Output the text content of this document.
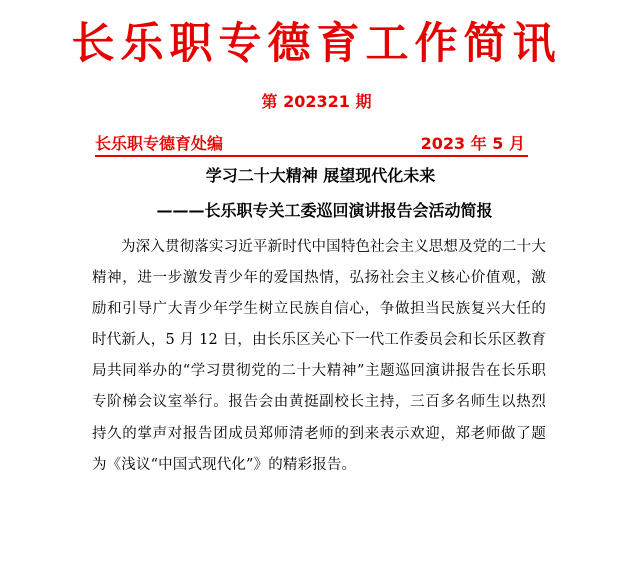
长乐职专德育工作简讯
第 202321 期
长乐职专德育处编	2023 年 5 月
学习二十大精神 展望现代化未来
———长乐职专关工委巡回演讲报告会活动简报

为深入贯彻落实习近平新时代中国特色社会主义思想及党的二十大精神，进一步激发青少年的爱国热情，弘扬社会主义核心价值观，激励和引导广大青少年学生树立民族自信心，争做担当民族复兴大任的时代新人，5 月 12 日，由长乐区关心下一代工作委员会和长乐区教育局共同举办的“学习贯彻党的二十大精神”主题巡回演讲报告在长乐职专阶梯会议室举行。报告会由黄挺副校长主持，三百多名师生以热烈持久的掌声对报告团成员郑师清老师的到来表示欢迎，郑老师做了题为《浅议“中国式现代化”》的精彩报告。
